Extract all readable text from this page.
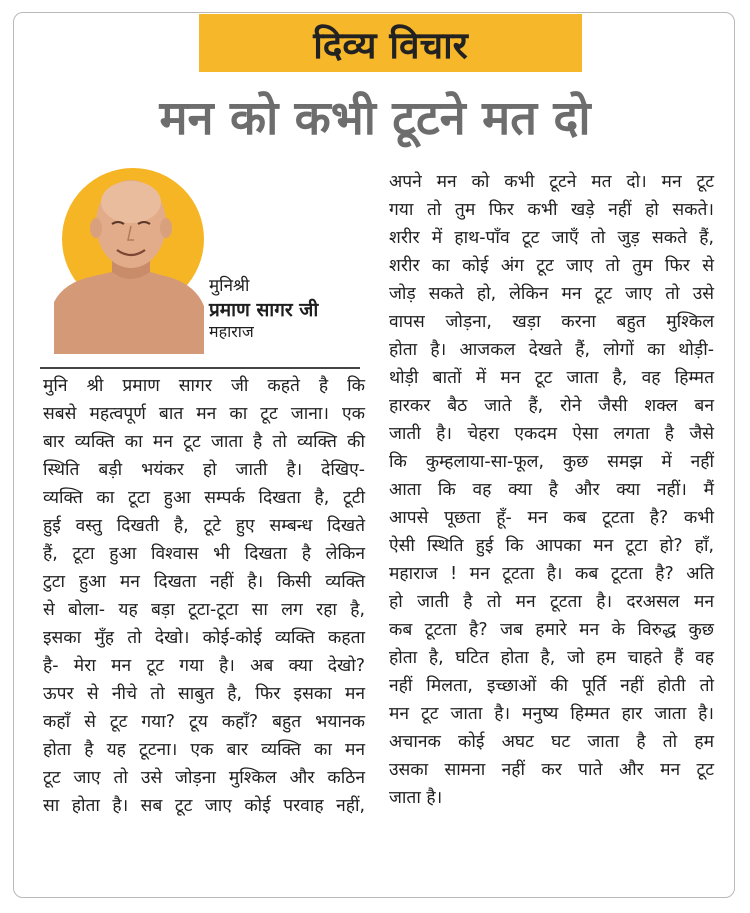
दिव्य विचार
मन को कभी टूटने मत दो
मुनिश्री
प्रमाण सागर जी
महाराज
मुनि श्री प्रमाण सागर जी कहते है कि
सबसे महत्वपूर्ण बात मन का टूट जाना। एक
बार व्यक्ति का मन टूट जाता है तो व्यक्ति की
स्थिति बड़ी भयंकर हो जाती है। देखिए-
व्यक्ति का टूटा हुआ सम्पर्क दिखता है, टूटी
हुई वस्तु दिखती है, टूटे हुए सम्बन्ध दिखते
हैं, टूटा हुआ विश्वास भी दिखता है लेकिन
टुटा हुआ मन दिखता नहीं है। किसी व्यक्ति
से बोला- यह बड़ा टूटा-टूटा सा लग रहा है,
इसका मुँह तो देखो। कोई-कोई व्यक्ति कहता
है- मेरा मन टूट गया है। अब क्या देखो?
ऊपर से नीचे तो साबुत है, फिर इसका मन
कहाँ से टूट गया? टूय कहाँ? बहुत भयानक
होता है यह टूटना। एक बार व्यक्ति का मन
टूट जाए तो उसे जोड़ना मुश्किल और कठिन
सा होता है। सब टूट जाए कोई परवाह नहीं,
अपने मन को कभी टूटने मत दो। मन टूट
गया तो तुम फिर कभी खड़े नहीं हो सकते।
शरीर में हाथ-पाँव टूट जाएँ तो जुड़ सकते हैं,
शरीर का कोई अंग टूट जाए तो तुम फिर से
जोड़ सकते हो, लेकिन मन टूट जाए तो उसे
वापस जोड़ना, खड़ा करना बहुत मुश्किल
होता है। आजकल देखते हैं, लोगों का थोड़ी-
थोड़ी बातों में मन टूट जाता है, वह हिम्मत
हारकर बैठ जाते हैं, रोने जैसी शक्ल बन
जाती है। चेहरा एकदम ऐसा लगता है जैसे
कि कुम्हलाया-सा-फूल, कुछ समझ में नहीं
आता कि वह क्या है और क्या नहीं। मैं
आपसे पूछता हूँ- मन कब टूटता है? कभी
ऐसी स्थिति हुई कि आपका मन टूटा हो? हाँ,
महाराज ! मन टूटता है। कब टूटता है? अति
हो जाती है तो मन टूटता है। दरअसल मन
कब टूटता है? जब हमारे मन के विरुद्ध कुछ
होता है, घटित होता है, जो हम चाहते हैं वह
नहीं मिलता, इच्छाओं की पूर्ति नहीं होती तो
मन टूट जाता है। मनुष्य हिम्मत हार जाता है।
अचानक कोई अघट घट जाता है तो हम
उसका सामना नहीं कर पाते और मन टूट
जाता है।
